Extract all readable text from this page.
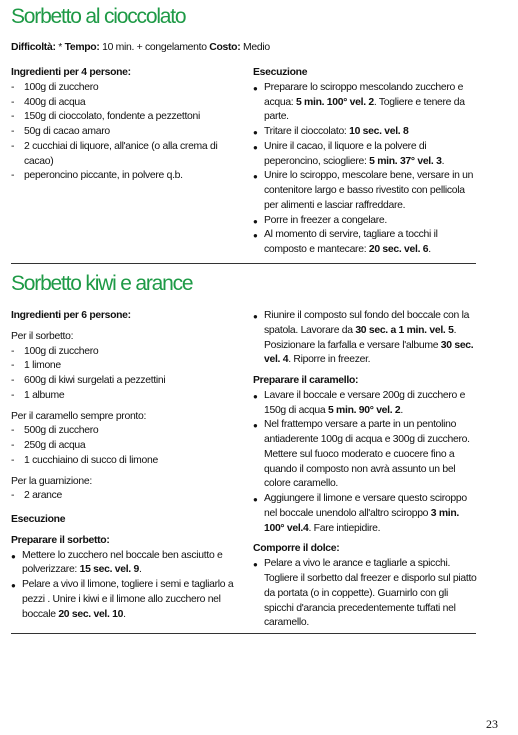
Sorbetto al cioccolato
Difficoltà: * Tempo: 10 min. + congelamento Costo: Medio
Ingredienti per 4 persone:
- 100g di zucchero
- 400g di acqua
- 150g di cioccolato, fondente a pezzettoni
- 50g di cacao amaro
- 2 cucchiai di liquore, all'anice (o alla crema di cacao)
- peperoncino piccante, in polvere q.b.
Esecuzione
● Preparare lo sciroppo mescolando zucchero e acqua: 5 min. 100° vel. 2. Togliere e tenere da parte.
● Tritare il cioccolato: 10 sec. vel. 8
● Unire il cacao, il liquore e la polvere di peperoncino, sciogliere: 5 min. 37° vel. 3.
● Unire lo sciroppo, mescolare bene, versare in un contenitore largo e basso rivestito con pellicola per alimenti e lasciar raffreddare.
● Porre in freezer a congelare.
● Al momento di servire, tagliare a tocchi il composto e mantecare: 20 sec. vel. 6.
Sorbetto kiwi e arance
Ingredienti per 6 persone:
Per il sorbetto:
- 100g di zucchero
- 1 limone
- 600g di kiwi surgelati a pezzettini
- 1 albume
Per il caramello sempre pronto:
- 500g di zucchero
- 250g di acqua
- 1 cucchiaino di succo di limone
Per la guarnizione:
- 2 arance
Esecuzione
Preparare il sorbetto:
● Mettere lo zucchero nel boccale ben asciutto e polverizzare: 15 sec. vel. 9.
● Pelare a vivo il limone, togliere i semi e tagliarlo a pezzi . Unire i kiwi e il limone allo zucchero nel boccale 20 sec. vel. 10.
● Riunire il composto sul fondo del boccale con la spatola. Lavorare da 30 sec. a 1 min. vel. 5. Posizionare la farfalla e versare l'albume 30 sec. vel. 4. Riporre in freezer.
Preparare il caramello:
● Lavare il boccale e versare 200g di zucchero e 150g di acqua 5 min. 90° vel. 2.
● Nel frattempo versare a parte in un pentolino antiaderente 100g di acqua e 300g di zucchero. Mettere sul fuoco moderato e cuocere fino a quando il composto non avrà assunto un bel colore caramello.
● Aggiungere il limone e versare questo sciroppo nel boccale unendolo all'altro sciroppo 3 min. 100° vel.4. Fare intiepidire.
Comporre il dolce:
● Pelare a vivo le arance e tagliarle a spicchi. Togliere il sorbetto dal freezer e disporlo sul piatto da portata (o in coppette). Guarnirlo con gli spicchi d'arancia precedentemente tuffati nel caramello.
23
